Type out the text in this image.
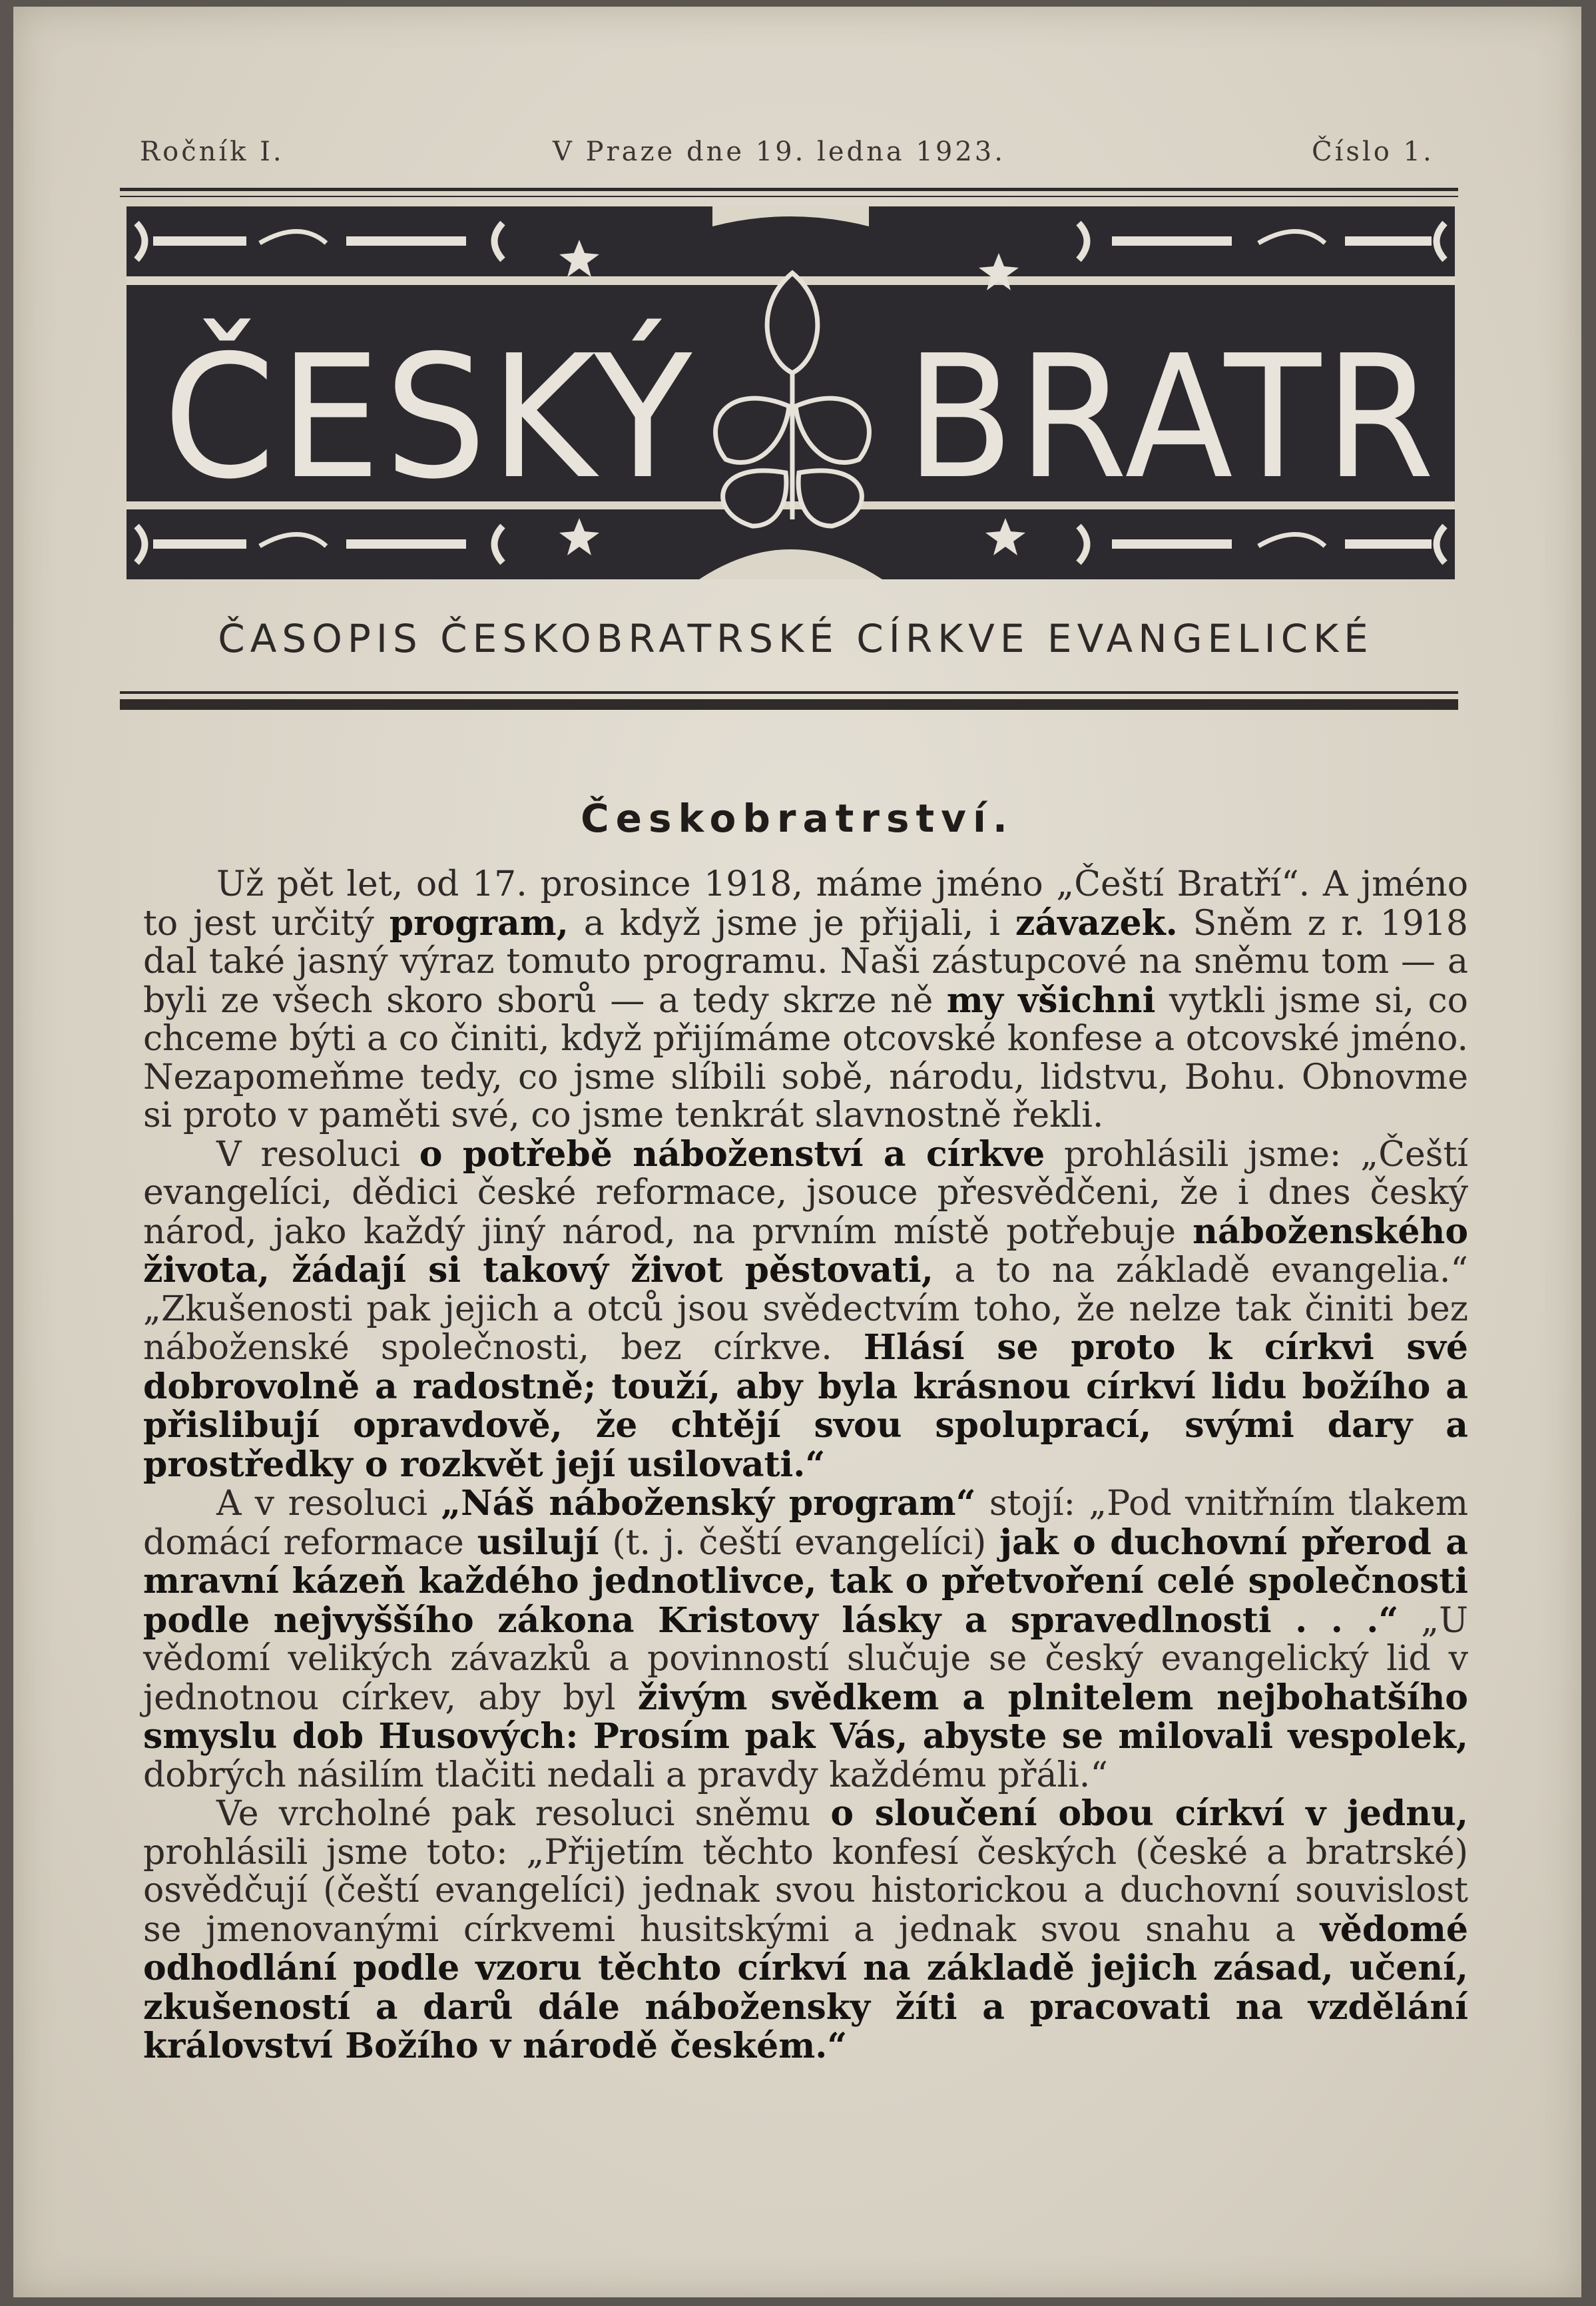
Ročník I.	V Praze dne 19. ledna 1923.	Číslo 1.
ČESKÝ BRATR
ČASOPIS ČESKOBRATRSKÉ CÍRKVE EVANGELICKÉ
Českobratrství.

Už pět let, od 17. prosince 1918, máme jméno „Čeští Bratří“. A jméno to jest určitý program, a když jsme je přijali, i závazek. Sněm z r. 1918 dal také jasný výraz tomuto programu. Naši zástupcové na sněmu tom — a byli ze všech skoro sborů — a tedy skrze ně my všichni vytkli jsme si, co chceme býti a co činiti, když přijímáme otcovské konfese a otcovské jméno. Nezapomeňme tedy, co jsme slíbili sobě, národu, lidstvu, Bohu. Obnovme si proto v paměti své, co jsme tenkrát slavnostně řekli.

V resoluci o potřebě náboženství a církve prohlásili jsme: „Čeští evangelíci, dědici české reformace, jsouce přesvědčeni, že i dnes český národ, jako každý jiný národ, na prvním místě potřebuje náboženského života, žádají si takový život pěstovati, a to na základě evangelia.“ „Zkušenosti pak jejich a otců jsou svědectvím toho, že nelze tak činiti bez náboženské společnosti, bez církve. Hlásí se proto k církvi své dobrovolně a radostně; touží, aby byla krásnou církví lidu božího a přislibují opravdově, že chtějí svou spoluprací, svými dary a prostředky o rozkvět její usilovati.“

A v resoluci „Náš náboženský program“ stojí: „Pod vnitřním tlakem domácí reformace usilují (t. j. čeští evangelíci) jak o duchovní přerod a mravní kázeň každého jednotlivce, tak o přetvoření celé společnosti podle nejvyššího zákona Kristovy lásky a spravedlnosti . . .“ „U vědomí velikých závazků a povinností slučuje se český evangelický lid v jednotnou církev, aby byl živým svědkem a plnitelem nejbohatšího smyslu dob Husových: Prosím pak Vás, abyste se milovali vespolek, dobrých násilím tlačiti nedali a pravdy každému přáli.“

Ve vrcholné pak resoluci sněmu o sloučení obou církví v jednu, prohlásili jsme toto: „Přijetím těchto konfesí českých (české a bratrské) osvědčují (čeští evangelíci) jednak svou historickou a duchovní souvislost se jmenovanými církvemi husitskými a jednak svou snahu a vědomé odhodlání podle vzoru těchto církví na základě jejich zásad, učení, zkušeností a darů dále nábožensky žíti a pracovati na vzdělání království Božího v národě českém.“
